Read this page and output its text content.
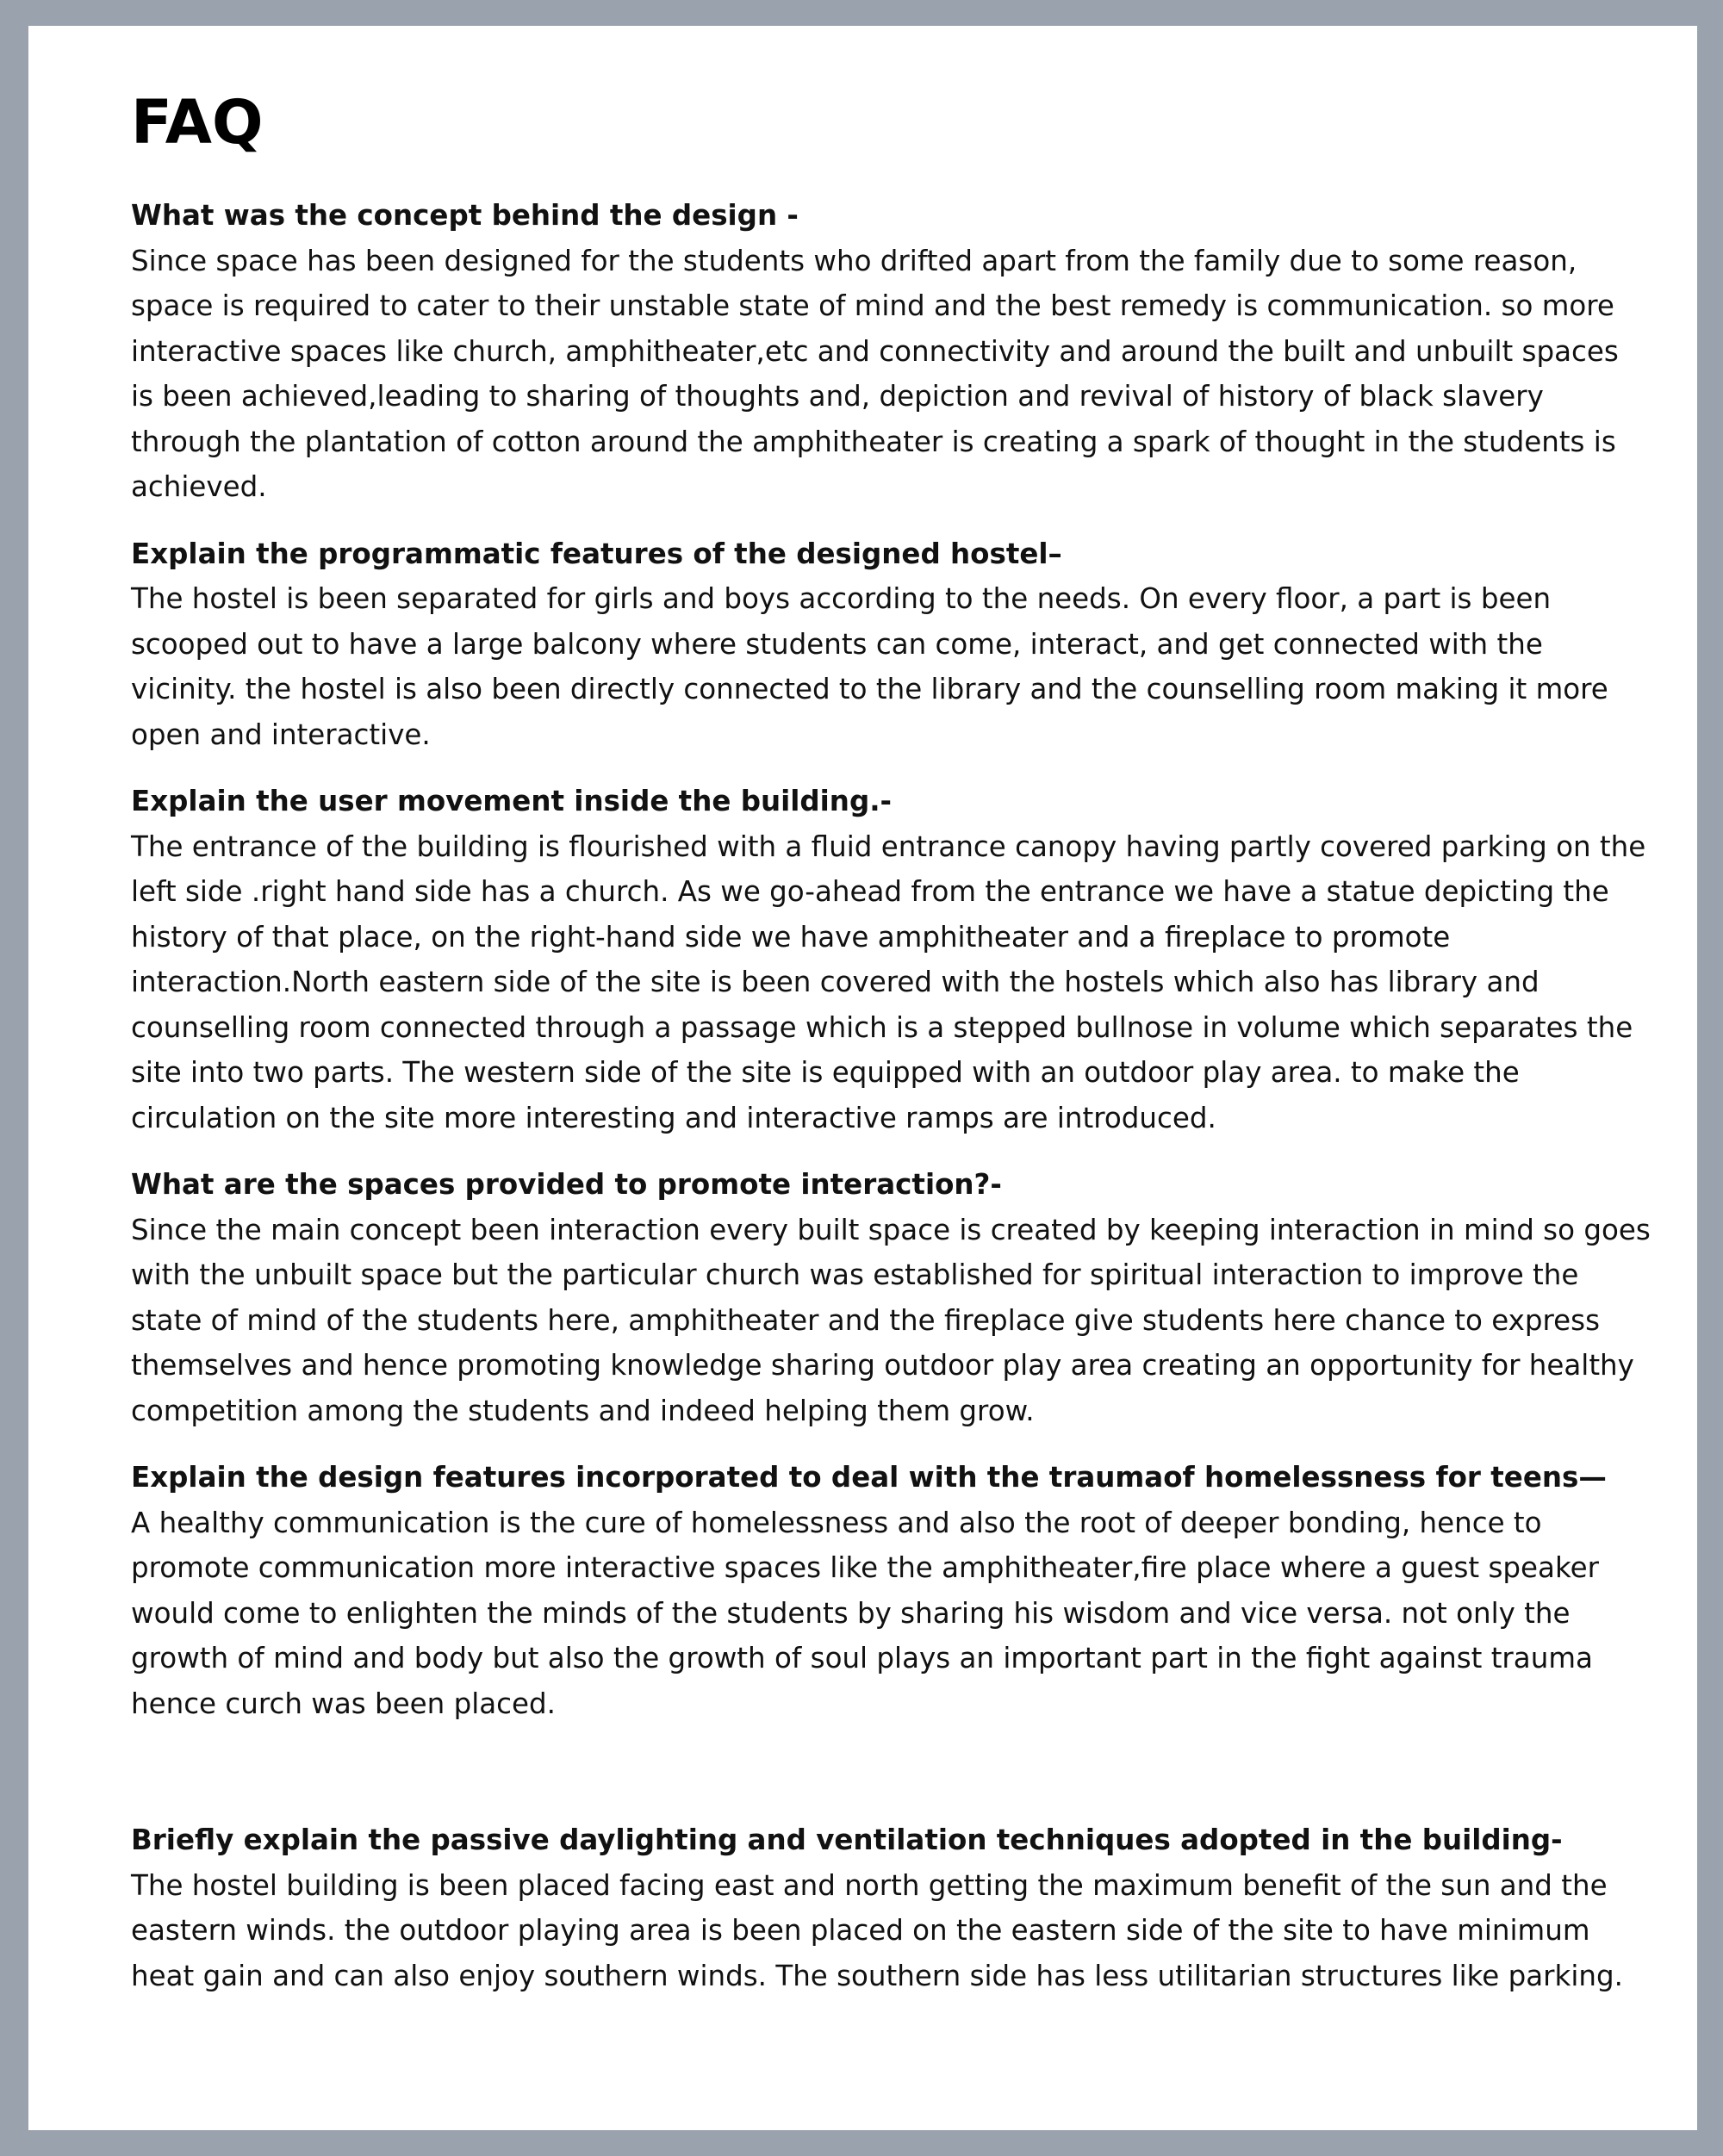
FAQ

What was the concept behind the design -

Since space has been designed for the students who drifted apart from the family due to some reason,
space is required to cater to their unstable state of mind and the best remedy is communication. so more
interactive spaces like church, amphitheater,etc and connectivity and around the built and unbuilt spaces
is been achieved,leading to sharing of thoughts and, depiction and revival of history of black slavery
through the plantation of cotton around the amphitheater is creating a spark of thought in the students is
achieved.

Explain the programmatic features of the designed hostel–

The hostel is been separated for girls and boys according to the needs. On every floor, a part is been
scooped out to have a large balcony where students can come, interact, and get connected with the
vicinity. the hostel is also been directly connected to the library and the counselling room making it more
open and interactive.

Explain the user movement inside the building.-

The entrance of the building is flourished with a fluid entrance canopy having partly covered parking on the
left side .right hand side has a church. As we go-ahead from the entrance we have a statue depicting the
history of that place, on the right-hand side we have amphitheater and a fireplace to promote
interaction.North eastern side of the site is been covered with the hostels which also has library and
counselling room connected through a passage which is a stepped bullnose in volume which separates the
site into two parts. The western side of the site is equipped with an outdoor play area. to make the
circulation on the site more interesting and interactive ramps are introduced.

What are the spaces provided to promote interaction?-

Since the main concept been interaction every built space is created by keeping interaction in mind so goes
with the unbuilt space but the particular church was established for spiritual interaction to improve the
state of mind of the students here, amphitheater and the fireplace give students here chance to express
themselves and hence promoting knowledge sharing outdoor play area creating an opportunity for healthy
competition among the students and indeed helping them grow.

Explain the design features incorporated to deal with the traumaof homelessness for teens—

A healthy communication is the cure of homelessness and also the root of deeper bonding, hence to
promote communication more interactive spaces like the amphitheater,fire place where a guest speaker
would come to enlighten the minds of the students by sharing his wisdom and vice versa. not only the
growth of mind and body but also the growth of soul plays an important part in the fight against trauma
hence curch was been placed.

Briefly explain the passive daylighting and ventilation techniques adopted in the building-

The hostel building is been placed facing east and north getting the maximum benefit of the sun and the
eastern winds. the outdoor playing area is been placed on the eastern side of the site to have minimum
heat gain and can also enjoy southern winds. The southern side has less utilitarian structures like parking.
